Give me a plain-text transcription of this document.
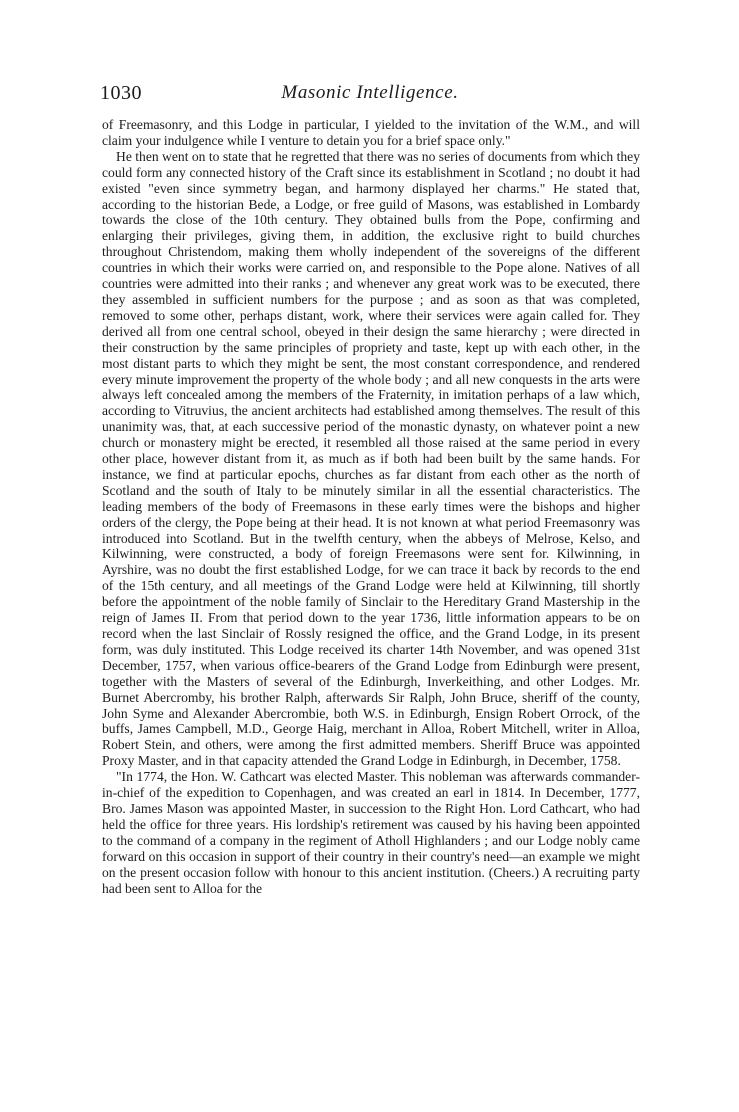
1030	Masonic Intelligence.

of Freemasonry, and this Lodge in particular, I yielded to the invitation of the W.M., and will claim your indulgence while I venture to detain you for a brief space only."

He then went on to state that he regretted that there was no series of documents from which they could form any connected history of the Craft since its establishment in Scotland ; no doubt it had existed "even since symmetry began, and harmony displayed her charms." He stated that, according to the historian Bede, a Lodge, or free guild of Masons, was established in Lombardy towards the close of the 10th century. They obtained bulls from the Pope, confirming and enlarging their privileges, giving them, in addition, the exclusive right to build churches throughout Christendom, making them wholly independent of the sovereigns of the different countries in which their works were carried on, and responsible to the Pope alone. Natives of all countries were admitted into their ranks ; and whenever any great work was to be executed, there they assembled in sufficient numbers for the purpose ; and as soon as that was completed, removed to some other, perhaps distant, work, where their services were again called for. They derived all from one central school, obeyed in their design the same hierarchy ; were directed in their construction by the same principles of propriety and taste, kept up with each other, in the most distant parts to which they might be sent, the most constant correspondence, and rendered every minute improvement the property of the whole body ; and all new conquests in the arts were always left concealed among the members of the Fraternity, in imitation perhaps of a law which, according to Vitruvius, the ancient architects had established among themselves. The result of this unanimity was, that, at each successive period of the monastic dynasty, on whatever point a new church or monastery might be erected, it resembled all those raised at the same period in every other place, however distant from it, as much as if both had been built by the same hands. For instance, we find at particular epochs, churches as far distant from each other as the north of Scotland and the south of Italy to be minutely similar in all the essential characteristics. The leading members of the body of Freemasons in these early times were the bishops and higher orders of the clergy, the Pope being at their head. It is not known at what period Freemasonry was introduced into Scotland. But in the twelfth century, when the abbeys of Melrose, Kelso, and Kilwinning, were constructed, a body of foreign Freemasons were sent for. Kilwinning, in Ayrshire, was no doubt the first established Lodge, for we can trace it back by records to the end of the 15th century, and all meetings of the Grand Lodge were held at Kilwinning, till shortly before the appointment of the noble family of Sinclair to the Hereditary Grand Mastership in the reign of James II. From that period down to the year 1736, little information appears to be on record when the last Sinclair of Rossly resigned the office, and the Grand Lodge, in its present form, was duly instituted. This Lodge received its charter 14th November, and was opened 31st December, 1757, when various office-bearers of the Grand Lodge from Edinburgh were present, together with the Masters of several of the Edinburgh, Inverkeithing, and other Lodges. Mr. Burnet Abercromby, his brother Ralph, afterwards Sir Ralph, John Bruce, sheriff of the county, John Syme and Alexander Abercrombie, both W.S. in Edinburgh, Ensign Robert Orrock, of the buffs, James Campbell, M.D., George Haig, merchant in Alloa, Robert Mitchell, writer in Alloa, Robert Stein, and others, were among the first admitted members. Sheriff Bruce was appointed Proxy Master, and in that capacity attended the Grand Lodge in Edinburgh, in December, 1758.

"In 1774, the Hon. W. Cathcart was elected Master. This nobleman was afterwards commander-in-chief of the expedition to Copenhagen, and was created an earl in 1814. In December, 1777, Bro. James Mason was appointed Master, in succession to the Right Hon. Lord Cathcart, who had held the office for three years. His lordship's retirement was caused by his having been appointed to the command of a company in the regiment of Atholl Highlanders ; and our Lodge nobly came forward on this occasion in support of their country in their country's need—an example we might on the present occasion follow with honour to this ancient institution. (Cheers.) A recruiting party had been sent to Alloa for the
